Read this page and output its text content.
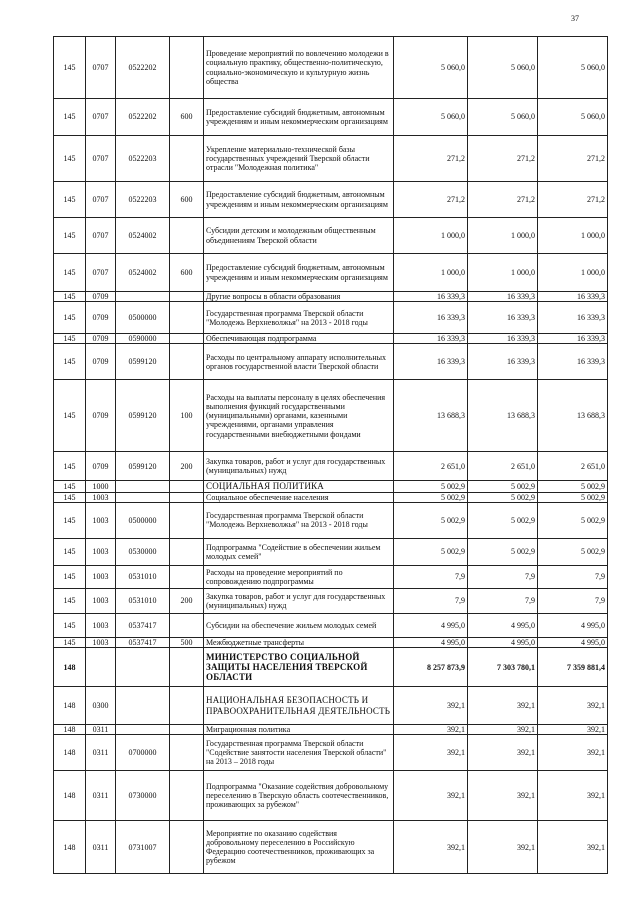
37
145	0707	0522202		Проведение мероприятий по вовлечению молодежи в социальную практику, общественно-политическую, социально-экономическую и культурную жизнь общества	5 060,0	5 060,0	5 060,0
145	0707	0522202	600	Предоставление субсидий бюджетным, автономным учреждениям и иным некоммерческим организациям	5 060,0	5 060,0	5 060,0
145	0707	0522203		Укрепление материально-технической базы государственных учреждений Тверской области отрасли "Молодежная политика"	271,2	271,2	271,2
145	0707	0522203	600	Предоставление субсидий бюджетным, автономным учреждениям и иным некоммерческим организациям	271,2	271,2	271,2
145	0707	0524002		Субсидии детским и молодежным общественным объединениям Тверской области	1 000,0	1 000,0	1 000,0
145	0707	0524002	600	Предоставление субсидий бюджетным, автономным учреждениям и иным некоммерческим организациям	1 000,0	1 000,0	1 000,0
145	0709			Другие вопросы в области образования	16 339,3	16 339,3	16 339,3
145	0709	0500000		Государственная программа Тверской области "Молодежь Верхневолжья" на 2013 - 2018 годы	16 339,3	16 339,3	16 339,3
145	0709	0590000		Обеспечивающая подпрограмма	16 339,3	16 339,3	16 339,3
145	0709	0599120		Расходы по центральному аппарату исполнительных органов государственной власти Тверской области	16 339,3	16 339,3	16 339,3
145	0709	0599120	100	Расходы на выплаты персоналу в целях обеспечения выполнения функций государственными (муниципальными) органами, казенными учреждениями, органами управления государственными внебюджетными фондами	13 688,3	13 688,3	13 688,3
145	0709	0599120	200	Закупка товаров, работ и услуг для государственных (муниципальных) нужд	2 651,0	2 651,0	2 651,0
145	1000			СОЦИАЛЬНАЯ ПОЛИТИКА	5 002,9	5 002,9	5 002,9
145	1003			Социальное обеспечение населения	5 002,9	5 002,9	5 002,9
145	1003	0500000		Государственная программа Тверской области "Молодежь Верхневолжья" на 2013 - 2018 годы	5 002,9	5 002,9	5 002,9
145	1003	0530000		Подпрограмма "Содействие в обеспечении жильем молодых семей"	5 002,9	5 002,9	5 002,9
145	1003	0531010		Расходы на проведение мероприятий по сопровождению подпрограммы	7,9	7,9	7,9
145	1003	0531010	200	Закупка товаров, работ и услуг для государственных (муниципальных) нужд	7,9	7,9	7,9
145	1003	0537417		Субсидии на обеспечение жильем молодых семей	4 995,0	4 995,0	4 995,0
145	1003	0537417	500	Межбюджетные трансферты	4 995,0	4 995,0	4 995,0
148				МИНИСТЕРСТВО СОЦИАЛЬНОЙ ЗАЩИТЫ НАСЕЛЕНИЯ ТВЕРСКОЙ ОБЛАСТИ	8 257 873,9	7 303 780,1	7 359 881,4
148	0300			НАЦИОНАЛЬНАЯ БЕЗОПАСНОСТЬ И ПРАВООХРАНИТЕЛЬНАЯ ДЕЯТЕЛЬНОСТЬ	392,1	392,1	392,1
148	0311			Миграционная политика	392,1	392,1	392,1
148	0311	0700000		Государственная программа Тверской области "Содействие занятости населения Тверской области" на 2013 – 2018 годы	392,1	392,1	392,1
148	0311	0730000		Подпрограмма "Оказание содействия добровольному переселению в Тверскую область соотечественников, проживающих за рубежом"	392,1	392,1	392,1
148	0311	0731007		Мероприятие по оказанию содействия добровольному переселению в Российскую Федерацию соотечественников, проживающих за рубежом	392,1	392,1	392,1
